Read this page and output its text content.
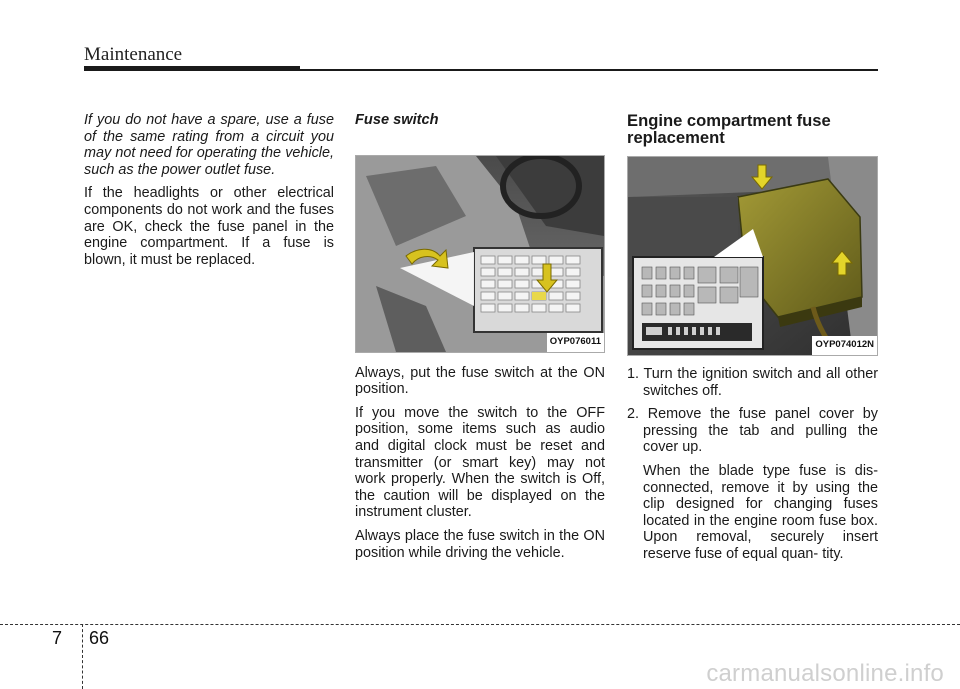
Maintenance

If you do not have a spare, use a fuse of the same rating from a circuit you may not need for operating the vehicle, such as the power outlet fuse.

If the headlights or other electrical components do not work and the fuses are OK, check the fuse panel in the engine compartment. If a fuse is blown, it must be replaced.

Fuse switch
OYP076011

Always, put the fuse switch at the ON position.

If you move the switch to the OFF position, some items such as audio and digital clock must be reset and transmitter (or smart key) may not work properly. When the switch is Off, the caution will be displayed on the instrument cluster.

Always place the fuse switch in the ON position while driving the vehicle.

Engine compartment fuse replacement
OYP074012N
1. Turn the ignition switch and all other switches off.
2. Remove the fuse panel cover by pressing the tab and pulling the cover up.

When the blade type fuse is dis- connected, remove it by using the clip designed for changing fuses located in the engine room fuse box. Upon removal, securely insert reserve fuse of equal quan- tity.

7 66
carmanualsonline.info
